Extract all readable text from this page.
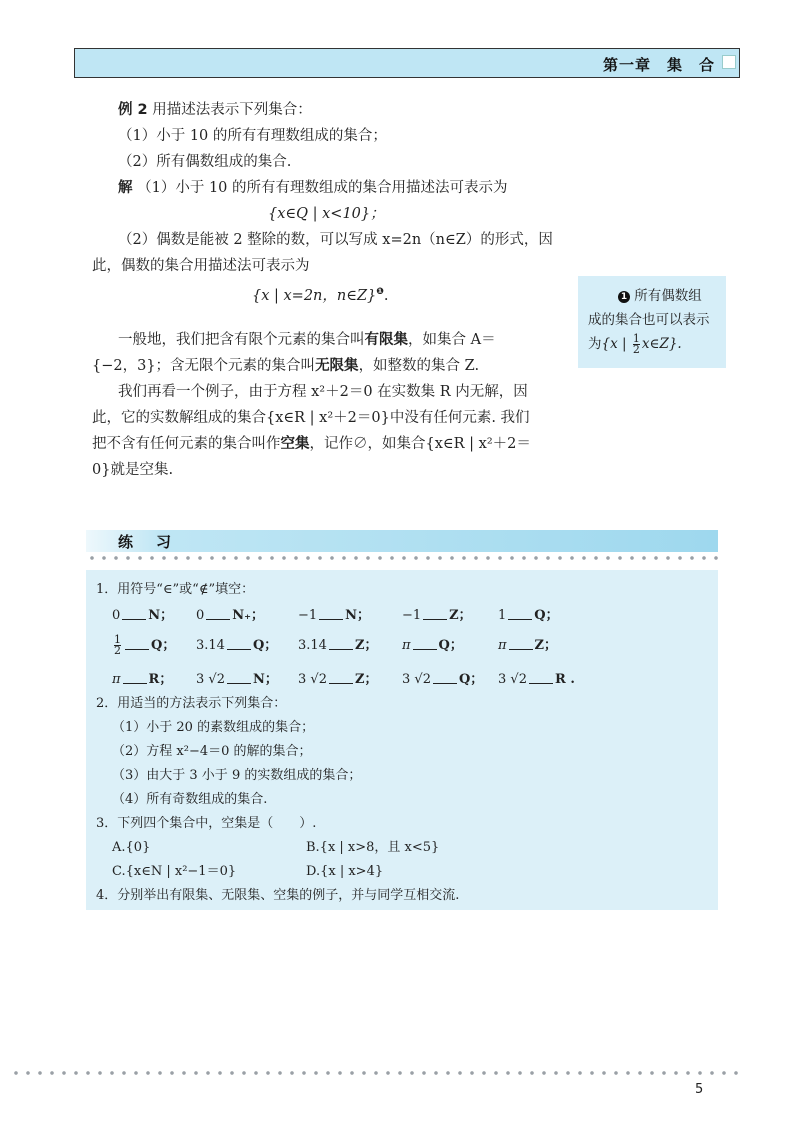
第一章　集　合
例 2 用描述法表示下列集合：
（1）小于 10 的所有有理数组成的集合；
（2）所有偶数组成的集合.
解 （1）小于 10 的所有有理数组成的集合用描述法可表示为
{x∈Q | x<10}；
（2）偶数是能被 2 整除的数，可以写成 x=2n（n∈Z）的形式，因
此，偶数的集合用描述法可表示为
{x | x=2n，n∈Z}$^❶$.	1 所有偶数组
成的集合也可以表示
为{x | $\frac{1}{2}$ x∈Z}.
一般地，我们把含有限个元素的集合叫有限集，如集合 A＝
{−2，3}；含无限个元素的集合叫无限集，如整数的集合 Z.
我们再看一个例子，由于方程 x²＋2＝0 在实数集 R 内无解，因
此，它的实数解组成的集合{x∈R | x²＋2＝0}中没有任何元素. 我们
把不含有任何元素的集合叫作空集，记作∅，如集合{x∈R | x²＋2＝
0}就是空集.
练　习
1．用符号“∈”或“∉”填空：
0 N； 0 N₊；	−1 N； −1 Z； 1 Q；
$\frac{1}{2}$ Q； 3.14 Q； 3.14 Z； π Q；	π Z；
π R； 3 √2 N； 3 √2 Z； 3 √2 Q； 3 √2 R .
2．用适当的方法表示下列集合：
（1）小于 20 的素数组成的集合；
（2）方程 x²−4＝0 的解的集合；
（3）由大于 3 小于 9 的实数组成的集合；
（4）所有奇数组成的集合.
3．下列四个集合中，空集是（　　）.
A.{0}	B.{x | x>8，且 x<5}
C.{x∈N | x²−1＝0}	D.{x | x>4}
4．分别举出有限集、无限集、空集的例子，并与同学互相交流.
5
